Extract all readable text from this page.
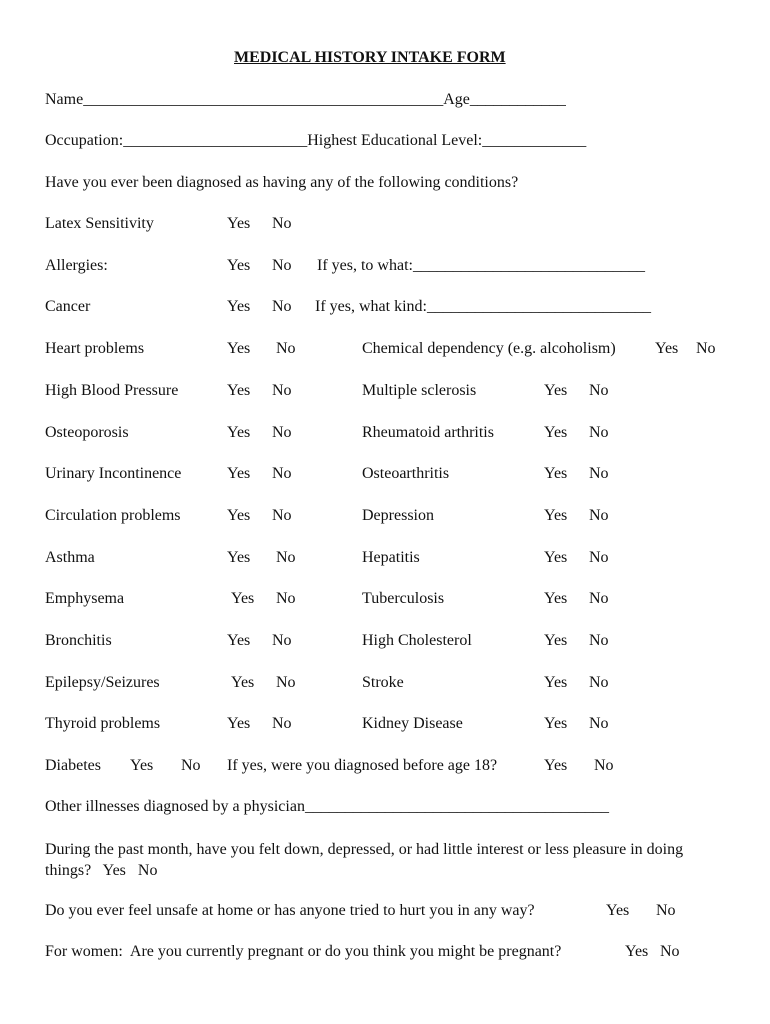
MEDICAL HISTORY INTAKE FORM
Name_____________________________________________Age____________
Occupation:_______________________Highest Educational Level:_____________
Have you ever been diagnosed as having any of the following conditions?
Latex Sensitivity	Yes No
Allergies:	Yes No If yes, to what:_____________________________
Cancer	Yes No If yes, what kind:____________________________
Heart problems	Yes No	Chemical dependency (e.g. alcoholism) Yes No
High Blood Pressure	Yes No	Multiple sclerosis	Yes No
Osteoporosis	Yes No	Rheumatoid arthritis	Yes No
Urinary Incontinence	Yes No	Osteoarthritis	Yes No
Circulation problems	Yes No	Depression	Yes No
Asthma	Yes No	Hepatitis	Yes No
Emphysema	Yes No	Tuberculosis	Yes No
Bronchitis	Yes No	High Cholesterol	Yes No
Epilepsy/Seizures	Yes No	Stroke	Yes No
Thyroid problems	Yes No	Kidney Disease	Yes No
Diabetes Yes No If yes, were you diagnosed before age 18?	Yes No
Other illnesses diagnosed by a physician______________________________________
During the past month, have you felt down, depressed, or had little interest or less pleasure in doing things? Yes No
Do you ever feel unsafe at home or has anyone tried to hurt you in any way?	Yes No
For women:  Are you currently pregnant or do you think you might be pregnant?	Yes No
